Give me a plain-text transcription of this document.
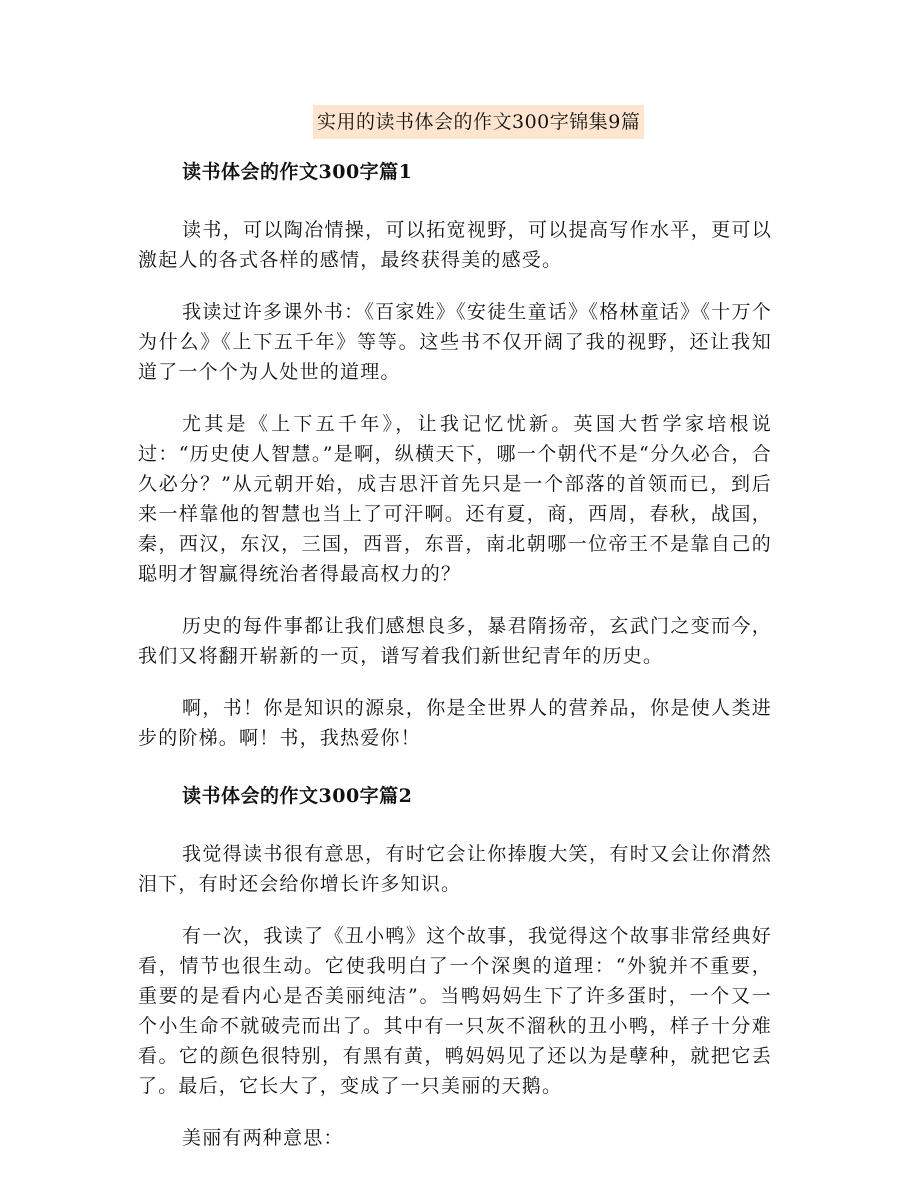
实用的读书体会的作文300字锦集9篇
读书体会的作文300字篇1

读书，可以陶冶情操，可以拓宽视野，可以提高写作水平，更可以激起人的各式各样的感情，最终获得美的感受。

我读过许多课外书：《百家姓》《安徒生童话》《格林童话》《十万个为什么》《上下五千年》等等。这些书不仅开阔了我的视野，还让我知道了一个个为人处世的道理。

尤其是《上下五千年》，让我记忆忧新。英国大哲学家培根说过：“历史使人智慧。”是啊，纵横天下，哪一个朝代不是“分久必合，合久必分？”从元朝开始，成吉思汗首先只是一个部落的首领而已，到后来一样靠他的智慧也当上了可汗啊。还有夏，商，西周，春秋，战国，秦，西汉，东汉，三国，西晋，东晋，南北朝哪一位帝王不是靠自己的聪明才智赢得统治者得最高权力的？

历史的每件事都让我们感想良多，暴君隋扬帝，玄武门之变而今，我们又将翻开崭新的一页，谱写着我们新世纪青年的历史。

啊，书！你是知识的源泉，你是全世界人的营养品，你是使人类进步的阶梯。啊！书，我热爱你！

读书体会的作文300字篇2

我觉得读书很有意思，有时它会让你捧腹大笑，有时又会让你潸然泪下，有时还会给你增长许多知识。

有一次，我读了《丑小鸭》这个故事，我觉得这个故事非常经典好看，情节也很生动。它使我明白了一个深奥的道理：“外貌并不重要，重要的是看内心是否美丽纯洁”。当鸭妈妈生下了许多蛋时，一个又一个小生命不就破壳而出了。其中有一只灰不溜秋的丑小鸭，样子十分难看。它的颜色很特别，有黑有黄，鸭妈妈见了还以为是孽种，就把它丢了。最后，它长大了，变成了一只美丽的天鹅。

美丽有两种意思：
